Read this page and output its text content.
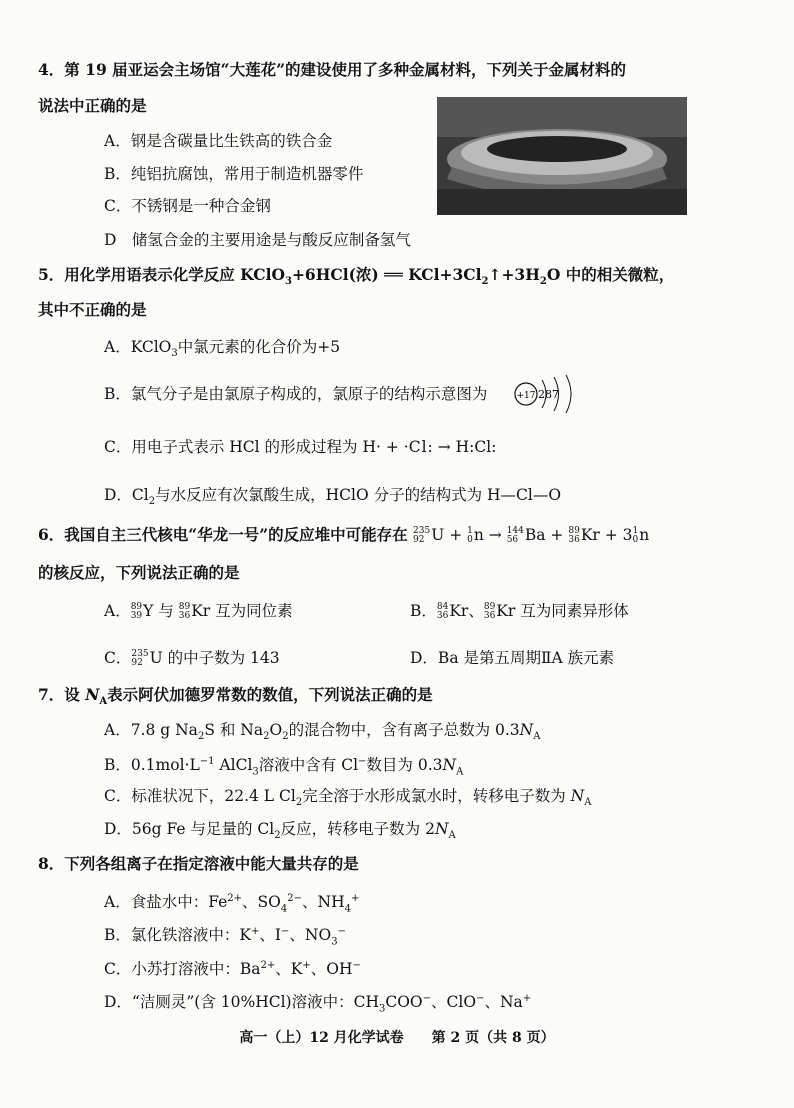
4．第 19 届亚运会主场馆“大莲花”的建设使用了多种金属材料，下列关于金属材料的
说法中正确的是
A．钢是含碳量比生铁高的铁合金
B．纯铝抗腐蚀，常用于制造机器零件
C．不锈钢是一种合金钢
D　储氢合金的主要用途是与酸反应制备氢气
5．用化学用语表示化学反应 KClO$_3$+6HCl(浓) ══ $KCl+3Cl_2↑+3H_2O$ 中的相关微粒，
其中不正确的是
A．KClO$_3$中氯元素的化合价为+5
B．氯气分子是由氯原子构成的，氯原子的结构示意图为	+17 287
C．用电子式表示 HCl 的形成过程为 H· + ·Cl: → H:Cl:
D．$Cl_2$与水反应有次氯酸生成，HClO 分子的结构式为 H—Cl—O
6．我国自主三代核电“华龙一号”的反应堆中可能存在 235
92 U + 1
0 n → 144
56 Ba + 89
36 Kr + 3 1
0 n
的核反应，下列说法正确的是
A． 89
39 Y 与 89
36 Kr 互为同位素	B． 84
36 Kr、 89
36 Kr 互为同素异形体
C． 235
92 U 的中子数为 143	D．Ba 是第五周期ⅡA 族元素
7．设 $N_A$表示阿伏加德罗常数的数值，下列说法正确的是
A．7.8 g $Na_2S$ 和 $Na_2O_2$的混合物中，含有离子总数为 $0.3N_A$
B．$0.1mol\cdot L^{-1}$ AlCl$_3$溶液中含有 Cl−数目为 $0.3N_A$
C．标准状况下，22.4 L $Cl_2$完全溶于水形成氯水时，转移电子数为 $N_A$
D．56g Fe 与足量的 $Cl_2$反应，转移电子数为 $2N_A$
8．下列各组离子在指定溶液中能大量共存的是
A．食盐水中：$Fe^{2+}$、$SO_4^{2-}$、$NH_4^+$
B．氯化铁溶液中：K+、I−、$NO_3^-$
C．小苏打溶液中：$Ba^{2+}$、K+、OH−
D．“洁厕灵”(含 10%HCl)溶液中：$CH_3COO^-$、ClO−、Na+
高一（上）12 月化学试卷　　第 2 页（共 8 页）
